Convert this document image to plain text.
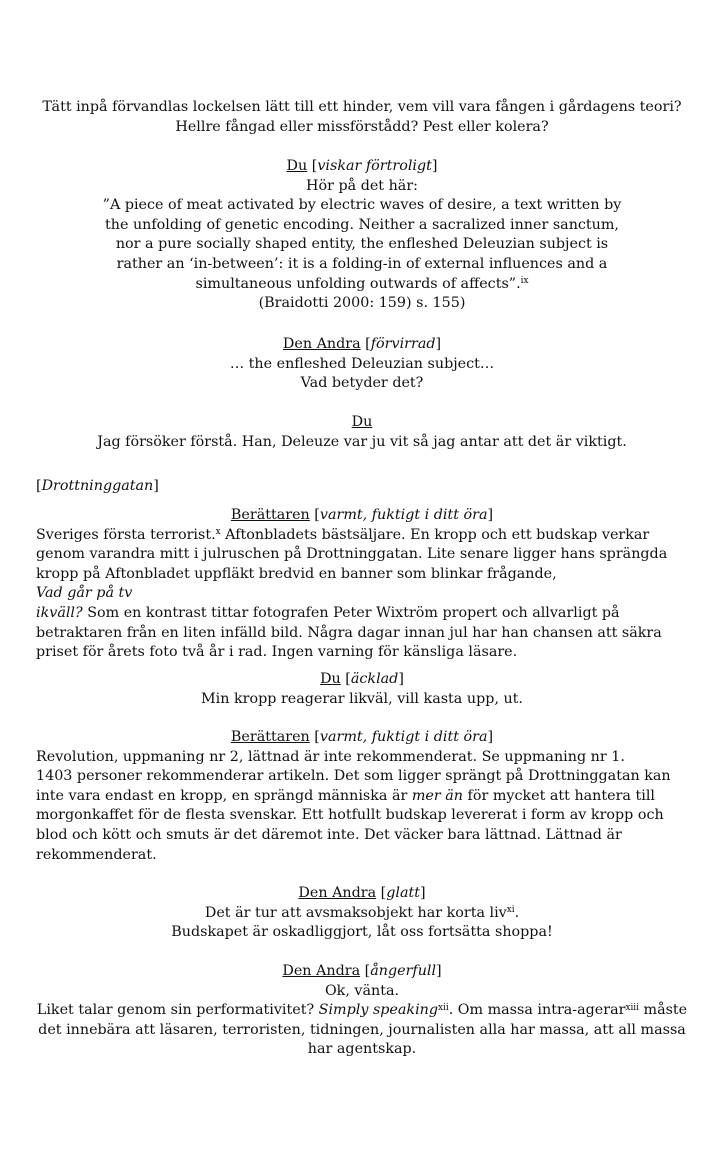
Tätt inpå förvandlas lockelsen lätt till ett hinder, vem vill vara fången i gårdagens teori?
Hellre fångad eller missförstådd? Pest eller kolera?
Du [viskar förtroligt]
Hör på det här:
”A piece of meat activated by electric waves of desire, a text written by
the unfolding of genetic encoding. Neither a sacralized inner sanctum,
nor a pure socially shaped entity, the enfleshed Deleuzian subject is
rather an ‘in-between’: it is a folding-in of external influences and a
simultaneous unfolding outwards of affects”.$^{ix}$
(Braidotti 2000: 159) s. 155)
Den Andra [förvirrad]
… the enfleshed Deleuzian subject…
Vad betyder det?
Du
Jag försöker förstå. Han, Deleuze var ju vit så jag antar att det är viktigt.
[Drottninggatan]
Berättaren [varmt, fuktigt i ditt öra]
Sveriges första terrorist.$^x$ Aftonbladets bästsäljare. En kropp och ett budskap verkar
genom varandra mitt i julruschen på Drottninggatan. Lite senare ligger hans sprängda
kropp på Aftonbladet uppfläkt bredvid en banner som blinkar frågande,
Vad går på tv
ikväll? Som en kontrast tittar fotografen Peter Wixtröm propert och allvarligt på
betraktaren från en liten infälld bild. Några dagar innan jul har han chansen att säkra
priset för årets foto två år i rad. Ingen varning för känsliga läsare.
Du [äcklad]
Min kropp reagerar likväl, vill kasta upp, ut.
Berättaren [varmt, fuktigt i ditt öra]
Revolution, uppmaning nr 2, lättnad är inte rekommenderat. Se uppmaning nr 1.
1403 personer rekommenderar artikeln. Det som ligger sprängt på Drottninggatan kan
inte vara endast en kropp, en sprängd människa är mer än för mycket att hantera till
morgonkaffet för de flesta svenskar. Ett hotfullt budskap levererat i form av kropp och
blod och kött och smuts är det däremot inte. Det väcker bara lättnad. Lättnad är
rekommenderat.
Den Andra [glatt]
Det är tur att avsmaksobjekt har korta liv$^{xi}$.
Budskapet är oskadliggjort, låt oss fortsätta shoppa!
Den Andra [ångerfull]
Ok, vänta.
Liket talar genom sin performativitet? Simply speaking$^{xii}$. Om massa intra-agerar$^{xiii}$ måste
det innebära att läsaren, terroristen, tidningen, journalisten alla har massa, att all massa
har agentskap.
